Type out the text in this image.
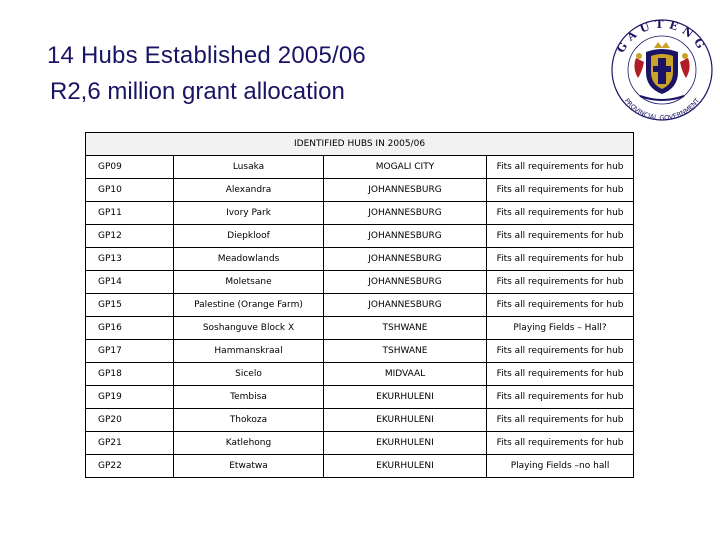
14 Hubs Established 2005/06
R2,6 million grant allocation
GAUTENG
PROVINCIAL GOVERNMENT
IDENTIFIED HUBS IN 2005/06			
GP09	Lusaka	MOGALI CITY	Fits all requirements for hub
GP10	Alexandra	JOHANNESBURG	Fits all requirements for hub
GP11	Ivory Park	JOHANNESBURG	Fits all requirements for hub
GP12	Diepkloof	JOHANNESBURG	Fits all requirements for hub
GP13	Meadowlands	JOHANNESBURG	Fits all requirements for hub
GP14	Moletsane	JOHANNESBURG	Fits all requirements for hub
GP15	Palestine (Orange Farm)	JOHANNESBURG	Fits all requirements for hub
GP16	Soshanguve Block X	TSHWANE	Playing Fields – Hall?
GP17	Hammanskraal	TSHWANE	Fits all requirements for hub
GP18	Sicelo	MIDVAAL	Fits all requirements for hub
GP19	Tembisa	EKURHULENI	Fits all requirements for hub
GP20	Thokoza	EKURHULENI	Fits all requirements for hub
GP21	Katlehong	EKURHULENI	Fits all requirements for hub
GP22	Etwatwa	EKURHULENI	Playing Fields –no hall
